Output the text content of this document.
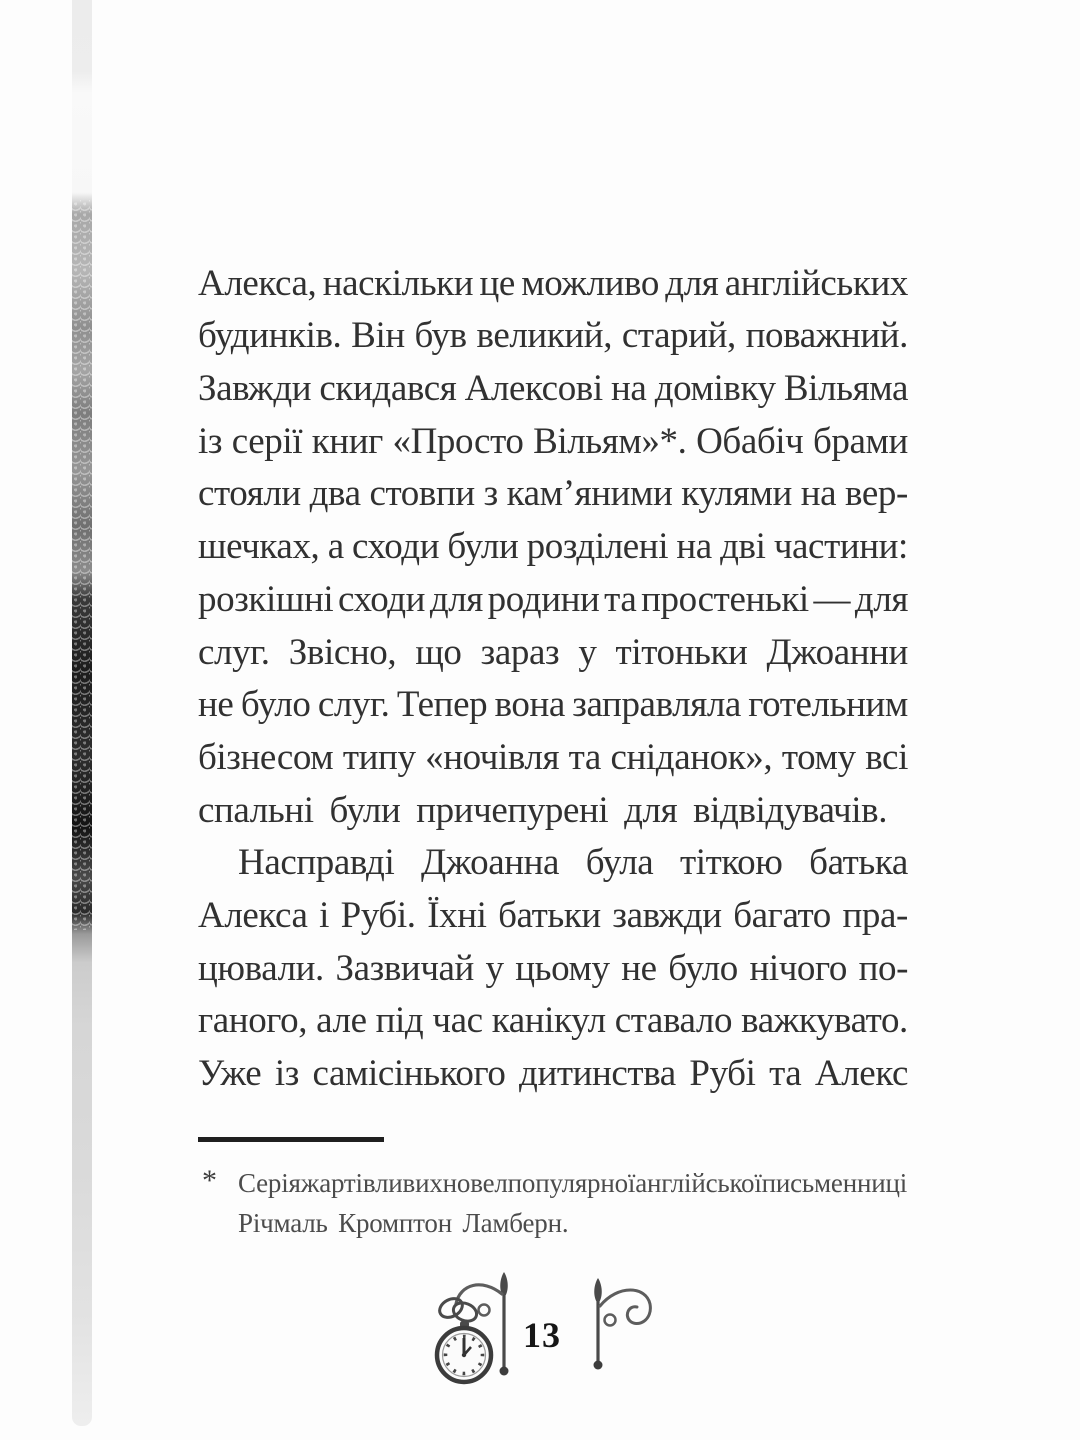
Алекса, наскільки це можливо для англійських
будинків. Він був великий, старий, поважний.
Завжди скидався Алексові на домівку Вільяма
із серії книг «Просто Вільям»*. Обабіч брами
стояли два стовпи з кам’яними кулями на вер-
шечках, а сходи були розділені на дві частини:
розкішні сходи для родини та простенькі — для
слуг. Звісно, що зараз у тітоньки Джоанни
не було слуг. Тепер вона заправляла готельним
бізнесом типу «ночівля та сніданок», тому всі
спальні були причепурені для відвідувачів.
Насправді Джоанна була тіткою батька
Алекса і Рубі. Їхні батьки завжди багато пра-
цювали. Зазвичай у цьому не було нічого по-
ганого, але під час канікул ставало важкувато.
Уже із самісінького дитинства Рубі та Алекс
* Серія жартівливих новел популярної англійської письменниці
Річмаль Кромптон Ламберн.
13
